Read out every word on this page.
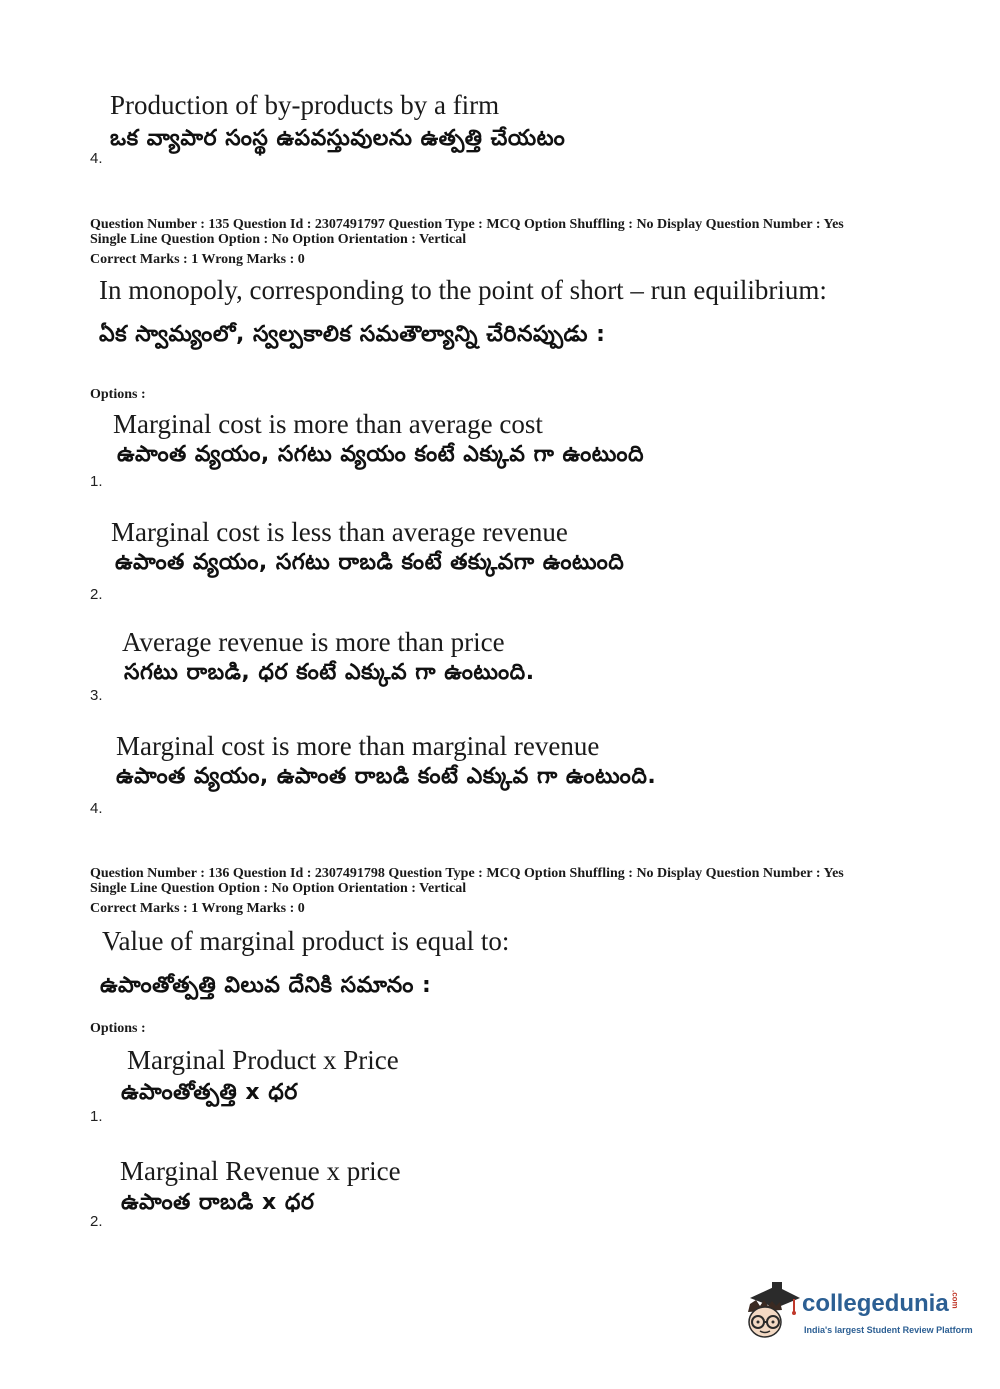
Production of by-products by a firm
ఒక వ్యాపార సంస్థ ఉపవస్తువులను ఉత్పత్తి చేయటం
4.
Question Number : 135 Question Id : 2307491797 Question Type : MCQ Option Shuffling : No Display Question Number : Yes
Single Line Question Option : No Option Orientation : Vertical
Correct Marks : 1 Wrong Marks : 0
In monopoly, corresponding to the point of short – run equilibrium:
ఏక స్వామ్యంలో, స్వల్పకాలిక సమతౌల్యాన్ని చేరినప్పుడు :
Options :
Marginal cost is more than average cost
ఉపాంత వ్యయం, సగటు వ్యయం కంటే ఎక్కువ గా ఉంటుంది
1.
Marginal cost is less than average revenue
ఉపాంత వ్యయం, సగటు రాబడి కంటే తక్కువగా ఉంటుంది
2.
Average revenue is more than price
సగటు రాబడి, ధర కంటే ఎక్కువ గా ఉంటుంది.
3.
Marginal cost is more than marginal revenue
ఉపాంత వ్యయం, ఉపాంత రాబడి కంటే ఎక్కువ గా ఉంటుంది.
4.
Question Number : 136 Question Id : 2307491798 Question Type : MCQ Option Shuffling : No Display Question Number : Yes
Single Line Question Option : No Option Orientation : Vertical
Correct Marks : 1 Wrong Marks : 0
Value of marginal product is equal to:
ఉపాంతోత్పత్తి విలువ దేనికి సమానం :
Options :
Marginal Product x Price
ఉపాంతోత్పత్తి x ధర
1.
Marginal Revenue x price
ఉపాంత రాబడి x ధర
2.
collegedunia .com
India's largest Student Review Platform
